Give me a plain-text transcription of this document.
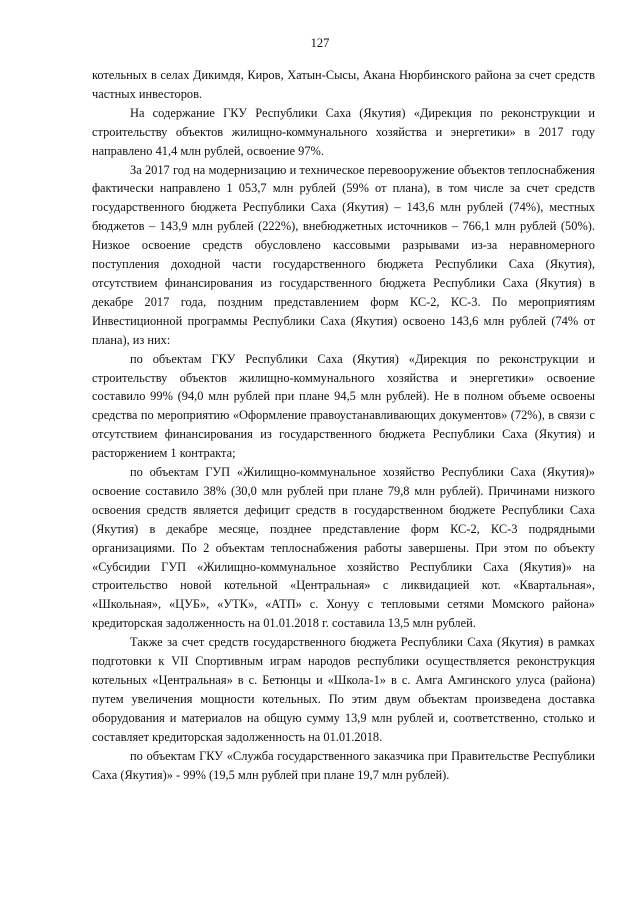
127

котельных в селах Дикимдя, Киров, Хатын-Сысы, Акана Нюрбинского района за счет средств частных инвесторов.

На содержание ГКУ Республики Саха (Якутия) «Дирекция по реконструкции и строительству объектов жилищно-коммунального хозяйства и энергетики» в 2017 году направлено 41,4 млн рублей, освоение 97%.

За 2017 год на модернизацию и техническое перевооружение объектов теплоснабжения фактически направлено 1 053,7 млн рублей (59% от плана), в том числе за счет средств государственного бюджета Республики Саха (Якутия) – 143,6 млн рублей (74%), местных бюджетов – 143,9 млн рублей (222%), внебюджетных источников – 766,1 млн рублей (50%). Низкое освоение средств обусловлено кассовыми разрывами из-за неравномерного поступления доходной части государственного бюджета Республики Саха (Якутия), отсутствием финансирования из государственного бюджета Республики Саха (Якутия) в декабре 2017 года, поздним представлением форм КС-2, КС-3. По мероприятиям Инвестиционной программы Республики Саха (Якутия) освоено 143,6 млн рублей (74% от плана), из них:

по объектам ГКУ Республики Саха (Якутия) «Дирекция по реконструкции и строительству объектов жилищно-коммунального хозяйства и энергетики» освоение составило 99% (94,0 млн рублей при плане 94,5 млн рублей). Не в полном объеме освоены средства по мероприятию «Оформление правоустанавливающих документов» (72%), в связи с отсутствием финансирования из государственного бюджета Республики Саха (Якутия) и расторжением 1 контракта;

по объектам ГУП «Жилищно-коммунальное хозяйство Республики Саха (Якутия)» освоение составило 38% (30,0 млн рублей при плане 79,8 млн рублей). Причинами низкого освоения средств является дефицит средств в государственном бюджете Республики Саха (Якутия) в декабре месяце, позднее представление форм КС-2, КС-3 подрядными организациями. По 2 объектам теплоснабжения работы завершены. При этом по объекту «Субсидии ГУП «Жилищно-коммунальное хозяйство Республики Саха (Якутия)» на строительство новой котельной «Центральная» с ликвидацией кот. «Квартальная», «Школьная», «ЦУБ», «УТК», «АТП» с. Хонуу с тепловыми сетями Момского района» кредиторская задолженность на 01.01.2018 г. составила 13,5 млн рублей.

Также за счет средств государственного бюджета Республики Саха (Якутия) в рамках подготовки к VII Спортивным играм народов республики осуществляется реконструкция котельных «Центральная» в с. Бетюнцы и «Школа-1» в с. Амга Амгинского улуса (района) путем увеличения мощности котельных. По этим двум объектам произведена доставка оборудования и материалов на общую сумму 13,9 млн рублей и, соответственно, столько и составляет кредиторская задолженность на 01.01.2018.

по объектам ГКУ «Служба государственного заказчика при Правительстве Республики Саха (Якутия)» - 99% (19,5 млн рублей при плане 19,7 млн рублей).
